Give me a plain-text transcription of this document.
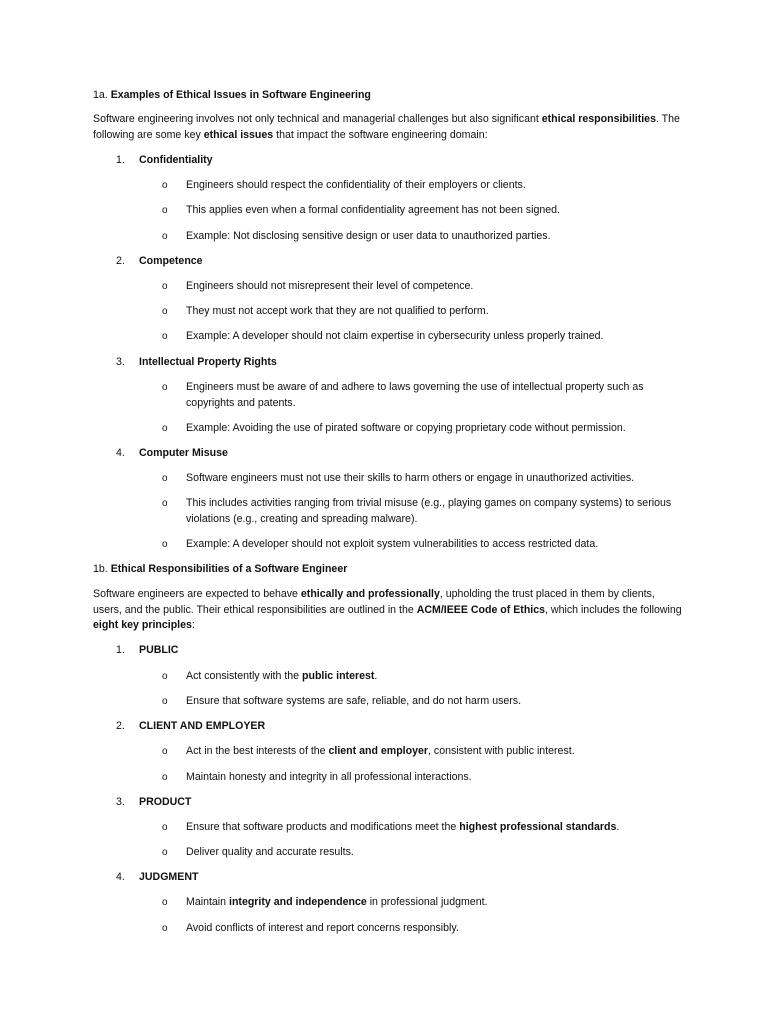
1a. Examples of Ethical Issues in Software Engineering
Software engineering involves not only technical and managerial challenges but also significant ethical responsibilities. The following are some key ethical issues that impact the software engineering domain:
1. Confidentiality
o Engineers should respect the confidentiality of their employers or clients.
o This applies even when a formal confidentiality agreement has not been signed.
o Example: Not disclosing sensitive design or user data to unauthorized parties.
2. Competence
o Engineers should not misrepresent their level of competence.
o They must not accept work that they are not qualified to perform.
o Example: A developer should not claim expertise in cybersecurity unless properly trained.
3. Intellectual Property Rights
o Engineers must be aware of and adhere to laws governing the use of intellectual property such as copyrights and patents.
o Example: Avoiding the use of pirated software or copying proprietary code without permission.
4. Computer Misuse
o Software engineers must not use their skills to harm others or engage in unauthorized activities.
o This includes activities ranging from trivial misuse (e.g., playing games on company systems) to serious violations (e.g., creating and spreading malware).
o Example: A developer should not exploit system vulnerabilities to access restricted data.
1b. Ethical Responsibilities of a Software Engineer
Software engineers are expected to behave ethically and professionally, upholding the trust placed in them by clients, users, and the public. Their ethical responsibilities are outlined in the ACM/IEEE Code of Ethics, which includes the following eight key principles:
1. PUBLIC
o Act consistently with the public interest.
o Ensure that software systems are safe, reliable, and do not harm users.
2. CLIENT AND EMPLOYER
o Act in the best interests of the client and employer, consistent with public interest.
o Maintain honesty and integrity in all professional interactions.
3. PRODUCT
o Ensure that software products and modifications meet the highest professional standards.
o Deliver quality and accurate results.
4. JUDGMENT
o Maintain integrity and independence in professional judgment.
o Avoid conflicts of interest and report concerns responsibly.
